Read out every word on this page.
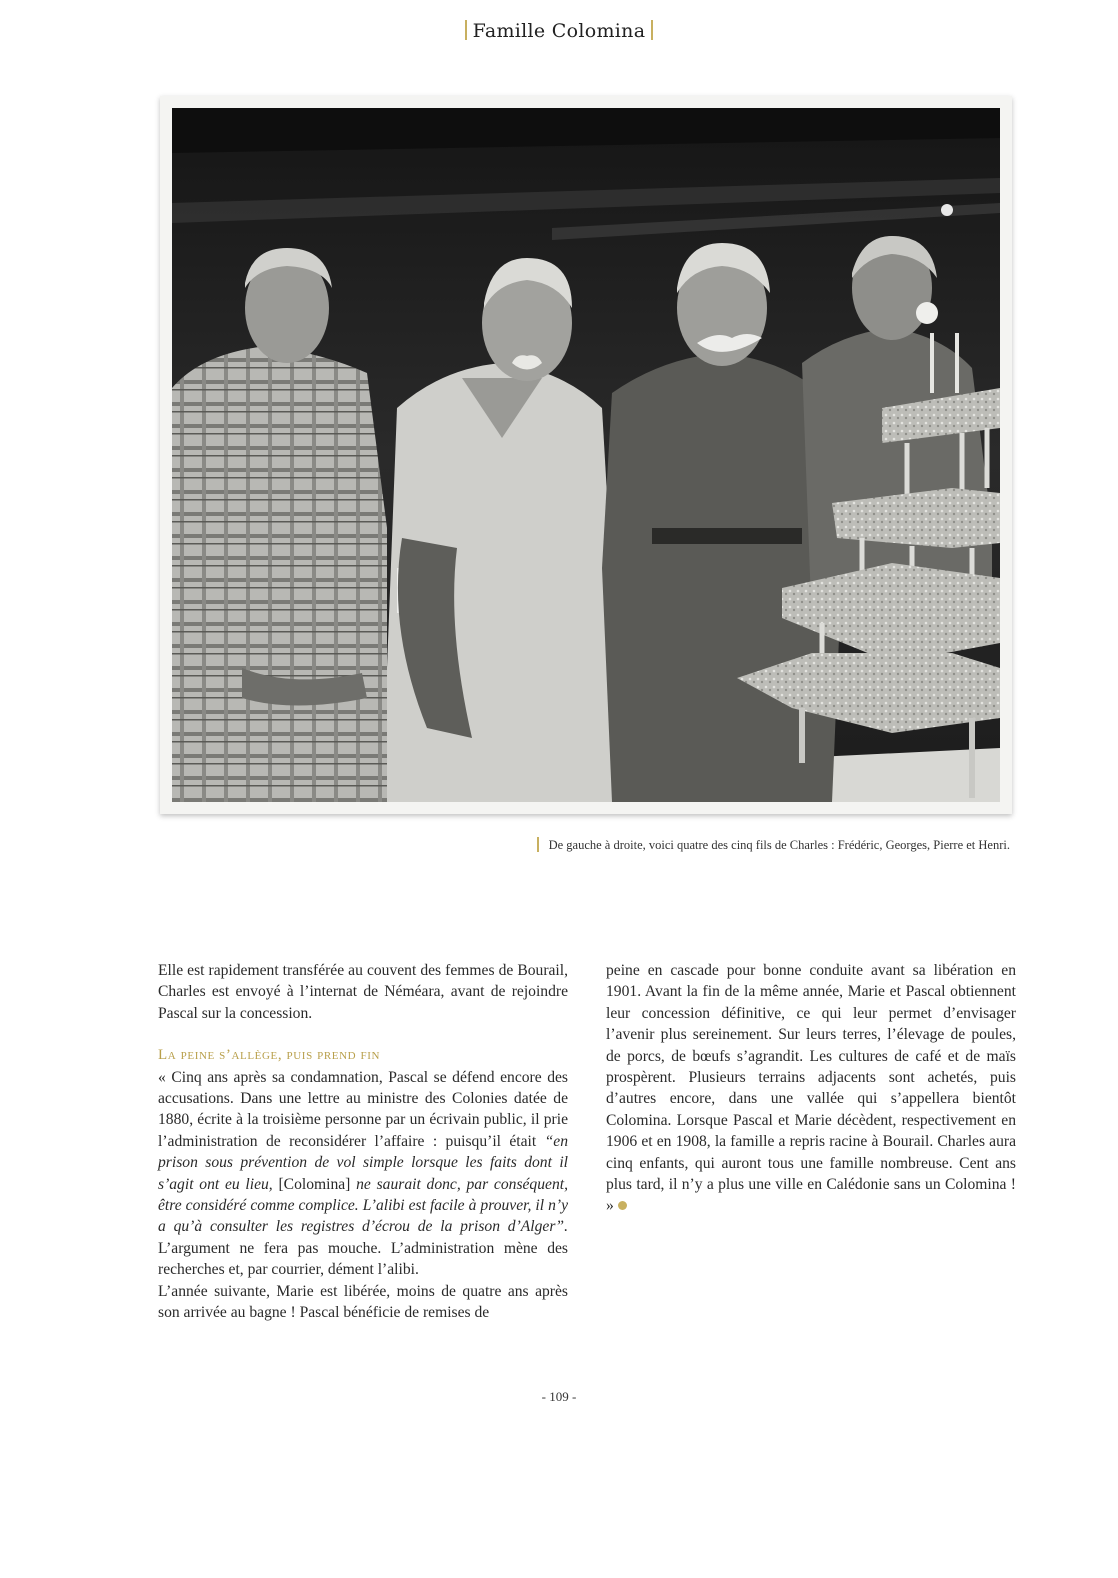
Famille Colomina
De gauche à droite, voici quatre des cinq fils de Charles : Frédéric, Georges, Pierre et Henri.

Elle est rapidement transférée au couvent des femmes de Bourail, Charles est envoyé à l’internat de Néméara, avant de rejoindre Pascal sur la concession.

La peine s’allège, puis prend fin

« Cinq ans après sa condamnation, Pascal se défend encore des accusations. Dans une lettre au ministre des Colonies datée de 1880, écrite à la troisième personne par un écrivain public, il prie l’administration de reconsidérer l’affaire : puisqu’il était “en prison sous prévention de vol simple lorsque les faits dont il s’agit ont eu lieu, [Colomina] ne saurait donc, par conséquent, être considéré comme complice. L’alibi est facile à prouver, il n’y a qu’à consulter les registres d’écrou de la prison d’Alger”. L’argument ne fera pas mouche. L’administration mène des recherches et, par courrier, dément l’alibi.

L’année suivante, Marie est libérée, moins de quatre ans après son arrivée au bagne ! Pascal bénéficie de remises de

peine en cascade pour bonne conduite avant sa libération en 1901. Avant la fin de la même année, Marie et Pascal obtiennent leur concession définitive, ce qui leur permet d’envisager l’avenir plus sereinement. Sur leurs terres, l’élevage de poules, de porcs, de bœufs s’agrandit. Les cultures de café et de maïs prospèrent. Plusieurs terrains adjacents sont achetés, puis d’autres encore, dans une vallée qui s’appellera bientôt Colomina. Lorsque Pascal et Marie décèdent, respectivement en 1906 et en 1908, la famille a repris racine à Bourail. Charles aura cinq enfants, qui auront tous une famille nombreuse. Cent ans plus tard, il n’y a plus une ville en Calédonie sans un Colomina ! »

- 109 -
